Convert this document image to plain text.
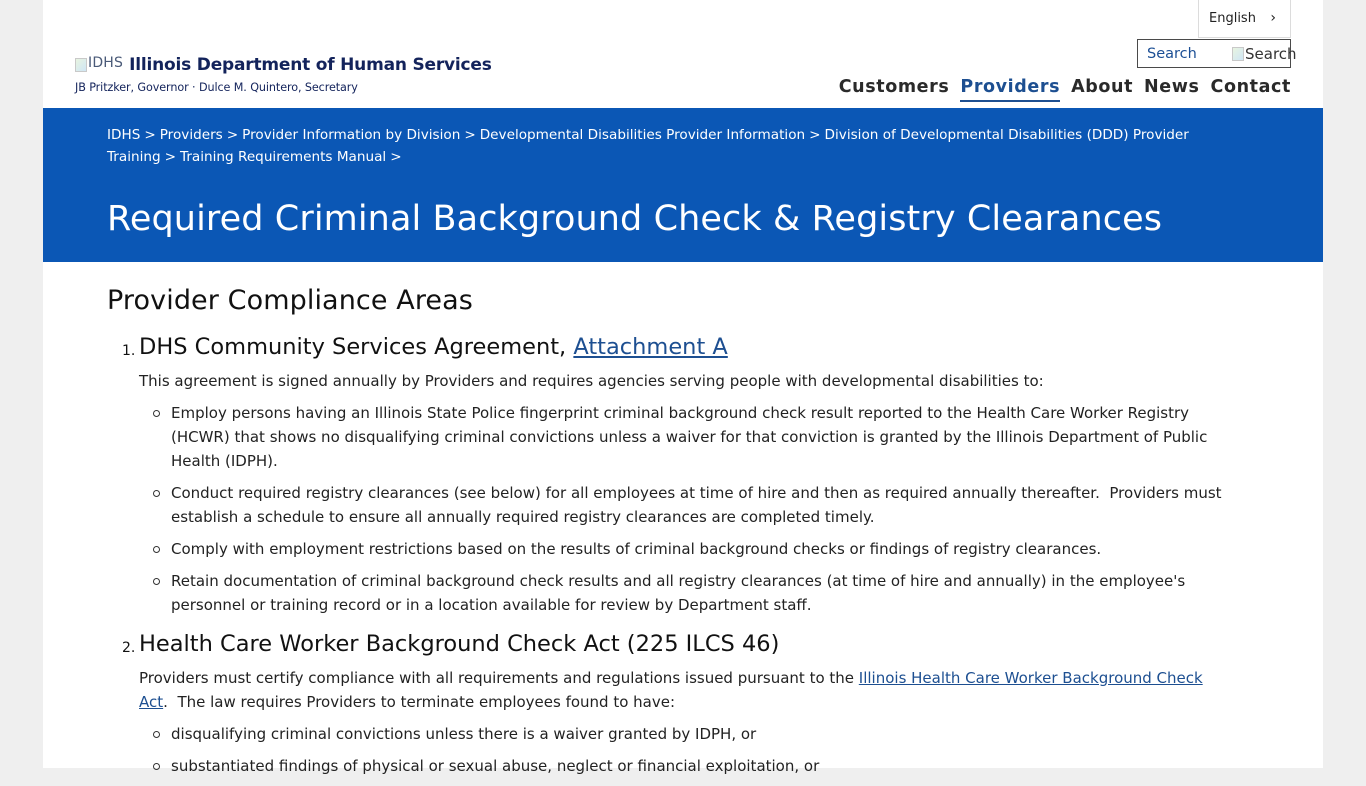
IDHS Illinois Department of Human Services
JB Pritzker, Governor · Dulce M. Quintero, Secretary
English ›
Search
Search
Customers Providers About News Contact
IDHS > Providers > Provider Information by Division > Developmental Disabilities Provider Information > Division of Developmental Disabilities (DDD) Provider Training > Training Requirements Manual >
Required Criminal Background Check & Registry Clearances
Provider Compliance Areas
1. DHS Community Services Agreement, Attachment A

This agreement is signed annually by Providers and requires agencies serving people with developmental disabilities to:

Employ persons having an Illinois State Police fingerprint criminal background check result reported to the Health Care Worker Registry (HCWR) that shows no disqualifying criminal convictions unless a waiver for that conviction is granted by the Illinois Department of Public Health (IDPH).
Conduct required registry clearances (see below) for all employees at time of hire and then as required annually thereafter.  Providers must establish a schedule to ensure all annually required registry clearances are completed timely.
Comply with employment restrictions based on the results of criminal background checks or findings of registry clearances.
Retain documentation of criminal background check results and all registry clearances (at time of hire and annually) in the employee's personnel or training record or in a location available for review by Department staff.
2. Health Care Worker Background Check Act (225 ILCS 46)

Providers must certify compliance with all requirements and regulations issued pursuant to the Illinois Health Care Worker Background Check Act.  The law requires Providers to terminate employees found to have:

disqualifying criminal convictions unless there is a waiver granted by IDPH, or
substantiated findings of physical or sexual abuse, neglect or financial exploitation, or
